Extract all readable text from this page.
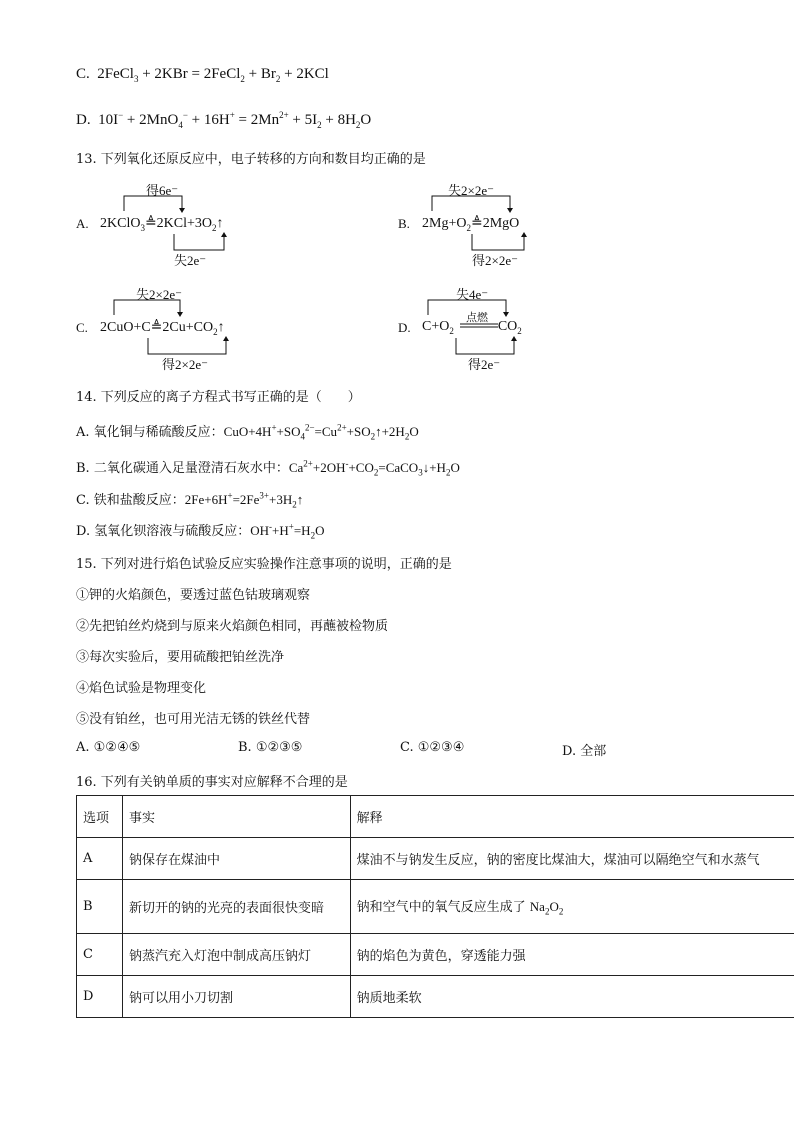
C.  2FeCl$_3$ + 2KBr = 2FeCl$_2$ + $Br_2 + 2KCl$
D.  $10I^- + 2MnO_4^- + 16H^+ = 2Mn^{2+} + 5I_2 + 8H_2O$
13. 下列氧化还原反应中，电子转移的方向和数目均正确的是
A.
得6e⁻
$2KClO_3≜2KCl+3O_2↑$
失2e⁻
B.
失2×2e⁻
$2Mg+O_2≜2MgO$
得2×2e⁻
C.
失2×2e⁻
$2CuO+C≜2Cu+CO_2↑$
得2×2e⁻
D.
失4e⁻
点燃
$C+O_2$	$CO_2$
得2e⁻
14. 下列反应的离子方程式书写正确的是（　　）
A. 氧化铜与稀硫酸反应：$CuO+4H^++SO_4^{2-}=Cu^{2+}+SO_2↑+2H_2O$
B. 二氧化碳通入足量澄清石灰水中：$Ca^{2+}+2OH^-+CO_2=CaCO_3↓+H_2O$
C. 铁和盐酸反应：$2Fe+6H^+=2Fe^{3+}+3H_2↑$
D. 氢氧化钡溶液与硫酸反应：$OH^-+H^+=H_2O$
15. 下列对进行焰色试验反应实验操作注意事项的说明，正确的是
①钾的火焰颜色，要透过蓝色钴玻璃观察
②先把铂丝灼烧到与原来火焰颜色相同，再蘸被检物质
③每次实验后，要用硫酸把铂丝洗净
④焰色试验是物理变化
⑤没有铂丝，也可用光洁无锈的铁丝代替
A. ①②④⑤	B. ①②③⑤	C. ①②③④	D. 全部
16. 下列有关钠单质的事实对应解释不合理的是
选项	事实	解释
A	钠保存在煤油中	煤油不与钠发生反应，钠的密度比煤油大，煤油可以隔绝空气和水蒸气
B	新切开的钠的光亮的表面很快变暗	钠和空气中的氧气反应生成了 $Na_2O_2$
C	钠蒸汽充入灯泡中制成高压钠灯	钠的焰色为黄色，穿透能力强
D	钠可以用小刀切割	钠质地柔软
